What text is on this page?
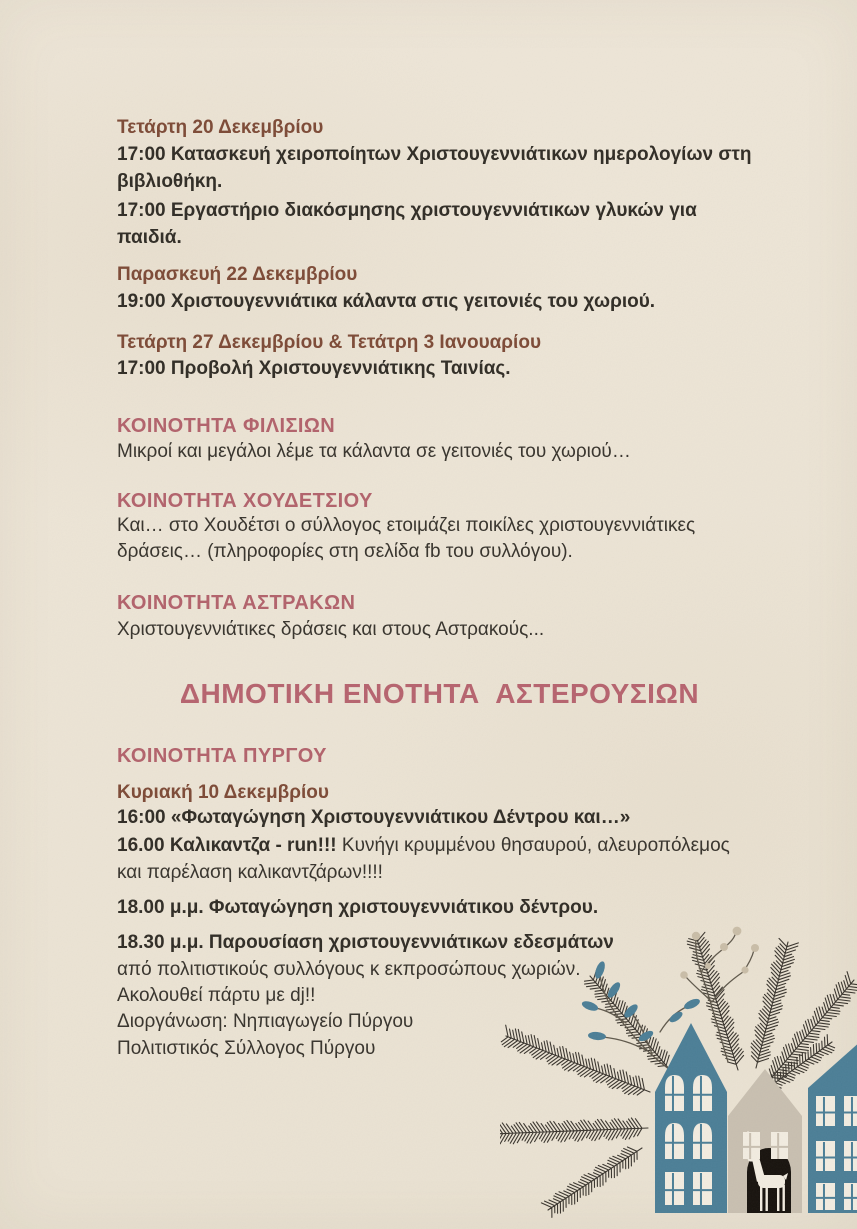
Τετάρτη 20 Δεκεμβρίου
17:00 Κατασκευή χειροποίητων Χριστουγεννιάτικων ημερολογίων στη
βιβλιοθήκη.
17:00 Εργαστήριο διακόσμησης χριστουγεννιάτικων γλυκών για
παιδιά.
Παρασκευή 22 Δεκεμβρίου
19:00 Χριστουγεννιάτικα κάλαντα στις γειτονιές του χωριού.
Τετάρτη 27 Δεκεμβρίου & Τετάτρη 3 Ιανουαρίου
17:00 Προβολή Χριστουγεννιάτικης Ταινίας.
ΚΟΙΝΟΤΗΤΑ ΦΙΛΙΣΙΩΝ
Μικροί και μεγάλοι λέμε τα κάλαντα σε γειτονιές του χωριού…
ΚΟΙΝΟΤΗΤΑ ΧΟΥΔΕΤΣΙΟΥ
Και… στο Χουδέτσι ο σύλλογος ετοιμάζει ποικίλες χριστουγεννιάτικες
δράσεις… (πληροφορίες στη σελίδα fb του συλλόγου).
ΚΟΙΝΟΤΗΤΑ ΑΣΤΡΑΚΩΝ
Χριστουγεννιάτικες δράσεις και στους Αστρακούς...
ΔΗΜΟΤΙΚΗ ΕΝΟΤΗΤΑ  ΑΣΤΕΡΟΥΣΙΩΝ
ΚΟΙΝΟΤΗΤΑ ΠΥΡΓΟΥ
Κυριακή 10 Δεκεμβρίου
16:00 «Φωταγώγηση Χριστουγεννιάτικου Δέντρου και…»
16.00 Καλικαντζα - run!!! Κυνήγι κρυμμένου θησαυρού, αλευροπόλεμος
και παρέλαση καλικαντζάρων!!!!
18.00 μ.μ. Φωταγώγηση χριστουγεννιάτικου δέντρου.
18.30 μ.μ. Παρουσίαση χριστουγεννιάτικων εδεσμάτων
από πολιτιστικούς συλλόγους κ εκπροσώπους χωριών.
Ακολουθεί πάρτυ με dj!!
Διοργάνωση: Νηπιαγωγείο Πύργου
Πολιτιστικός Σύλλογος Πύργου
